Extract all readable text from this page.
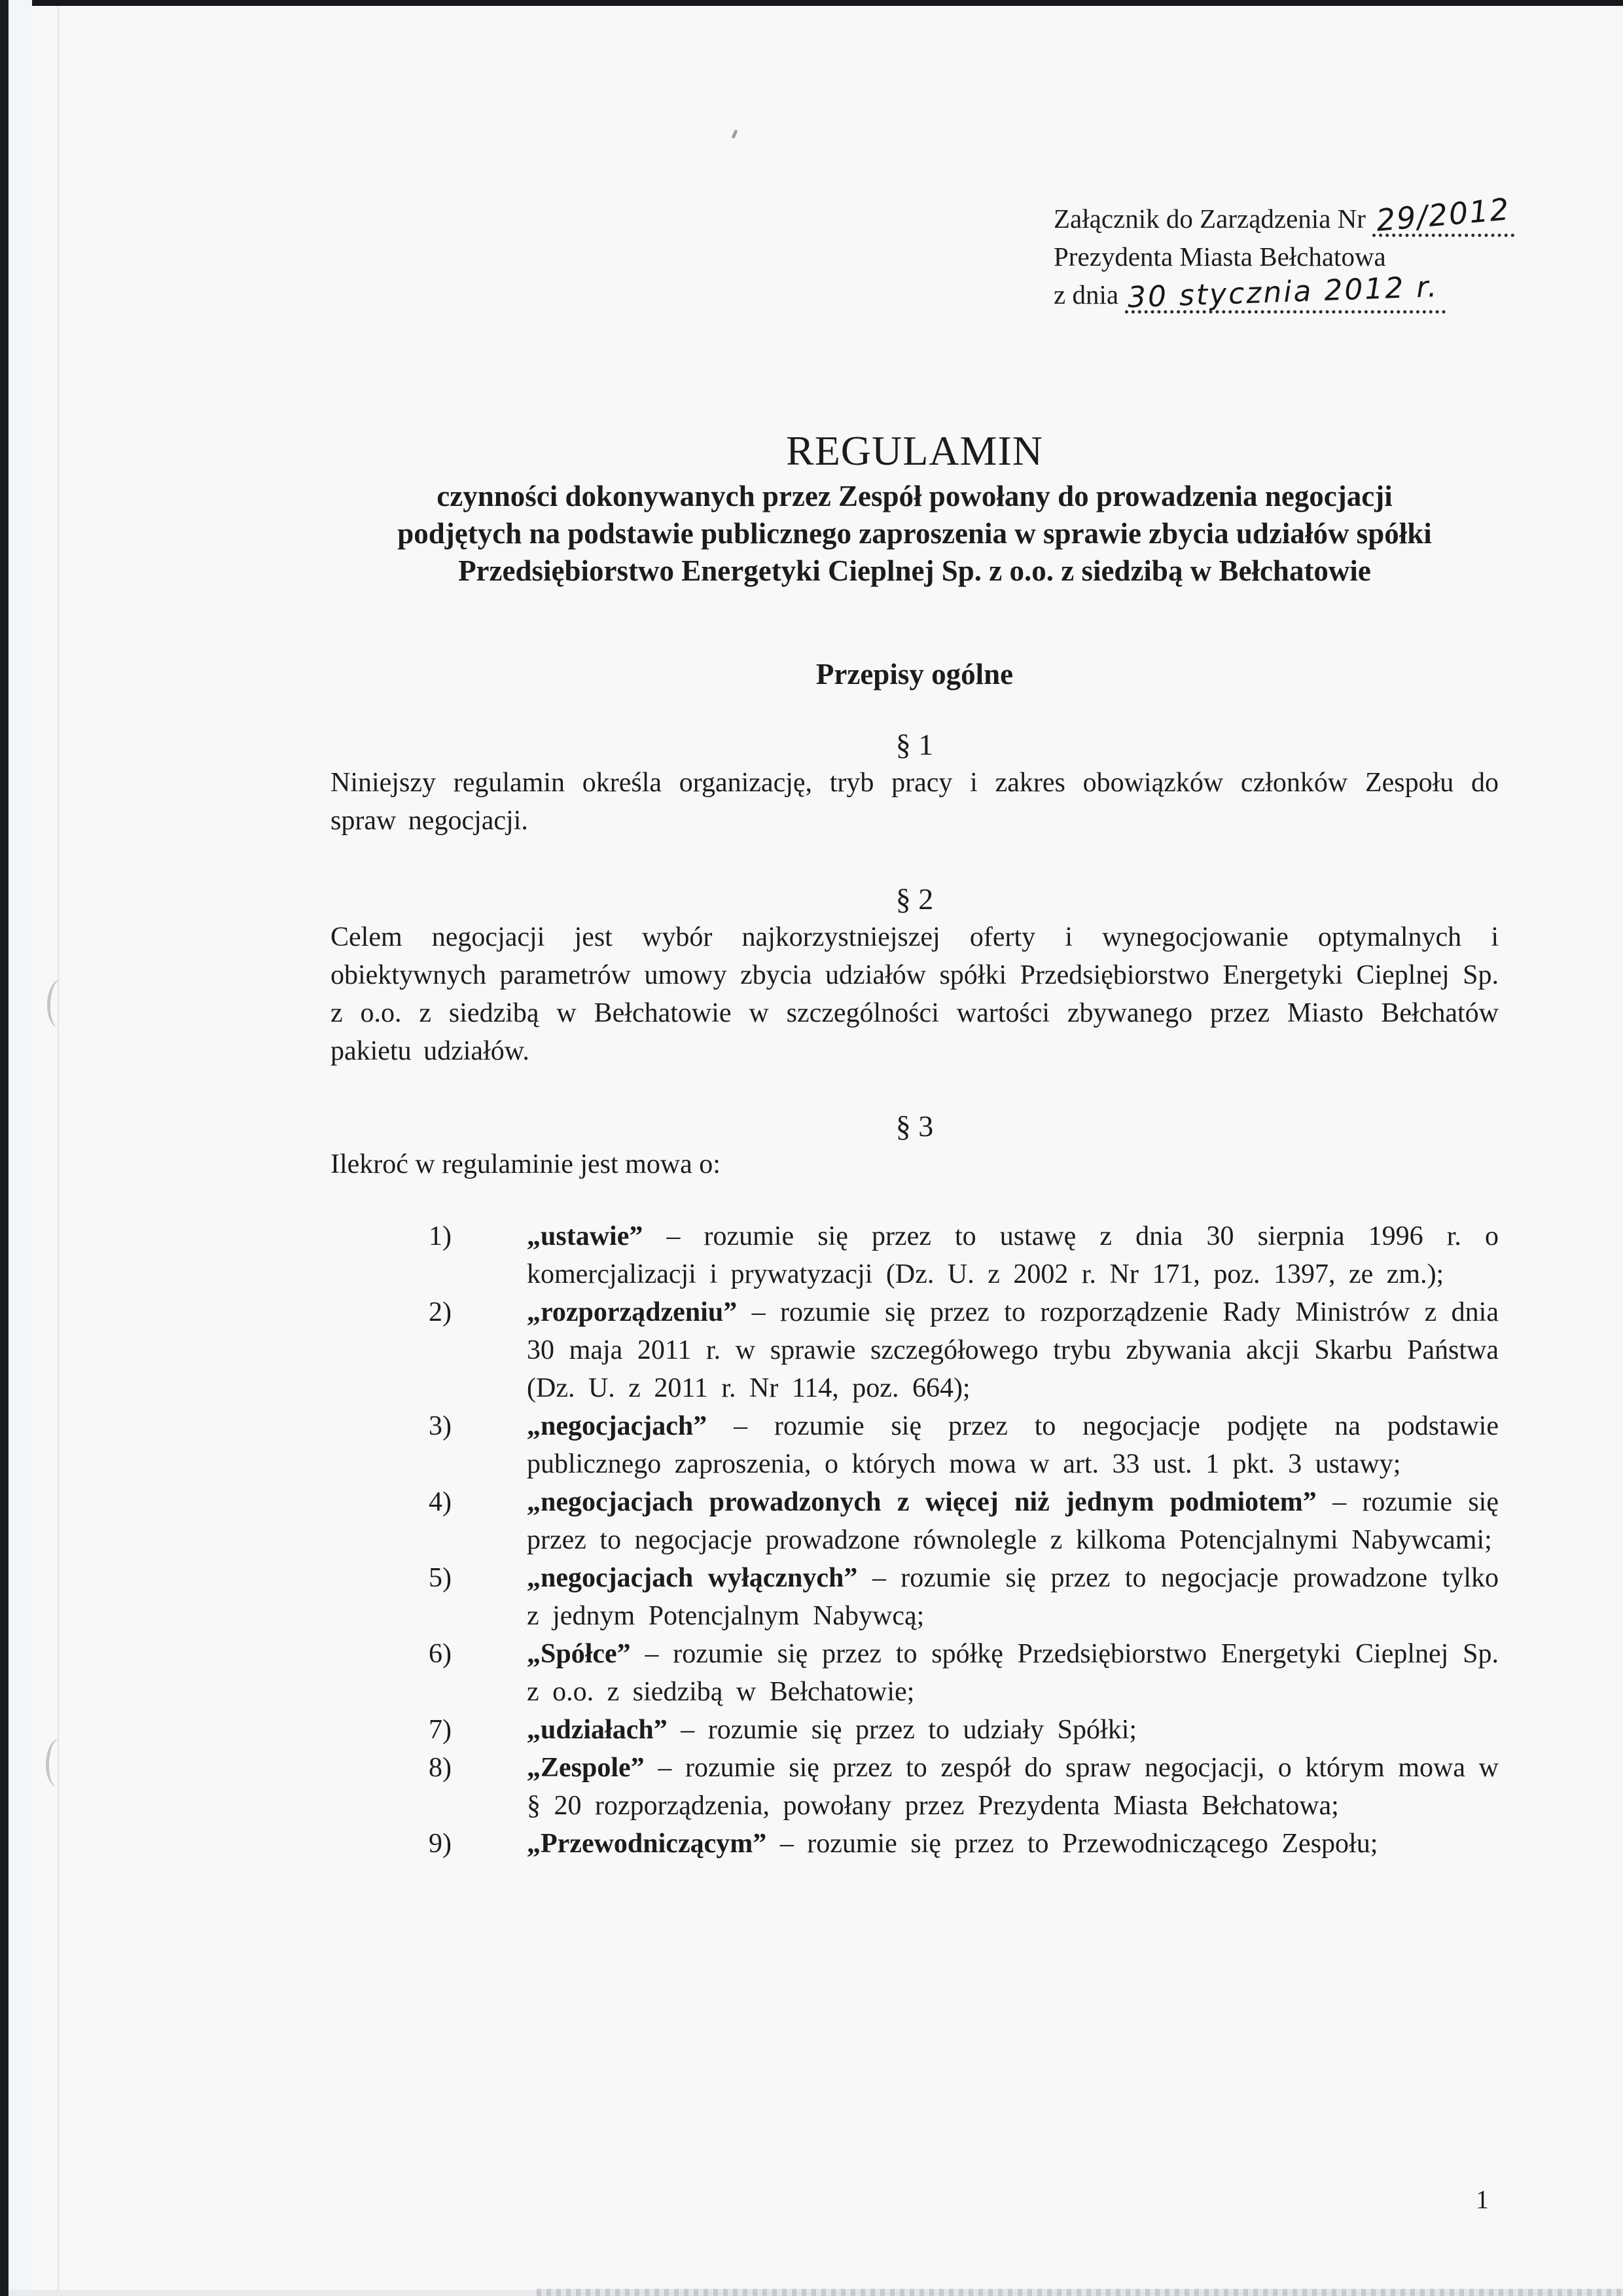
Załącznik do Zarządzenia Nr 29/2012
Prezydenta Miasta Bełchatowa
z dnia 30 stycznia 2012 r.
REGULAMIN
czynności dokonywanych przez Zespół powołany do prowadzenia negocjacji
podjętych na podstawie publicznego zaproszenia w sprawie zbycia udziałów spółki
Przedsiębiorstwo Energetyki Cieplnej Sp. z o.o. z siedzibą w Bełchatowie
Przepisy ogólne
§ 1

Niniejszy regulamin określa organizację, tryb pracy i zakres obowiązków członków Zespołu do spraw negocjacji.

§ 2

Celem negocjacji jest wybór najkorzystniejszej oferty i wynegocjowanie optymalnych i obiektywnych parametrów umowy zbycia udziałów spółki Przedsiębiorstwo Energetyki Cieplnej Sp. z o.o. z siedzibą w Bełchatowie w szczególności wartości zbywanego przez Miasto Bełchatów pakietu udziałów.

§ 3

Ilekroć w regulaminie jest mowa o:

1)	„ustawie” – rozumie się przez to ustawę z dnia 30 sierpnia 1996 r. o komercjalizacji i prywatyzacji (Dz. U. z 2002 r. Nr 171, poz. 1397, ze zm.);
2)	„rozporządzeniu” – rozumie się przez to rozporządzenie Rady Ministrów z dnia 30 maja 2011 r. w sprawie szczegółowego trybu zbywania akcji Skarbu Państwa (Dz. U. z 2011 r. Nr 114, poz. 664);
3)	„negocjacjach” – rozumie się przez to negocjacje podjęte na podstawie publicznego zaproszenia, o których mowa w art. 33 ust. 1 pkt. 3 ustawy;
4)	„negocjacjach prowadzonych z więcej niż jednym podmiotem” – rozumie się przez to negocjacje prowadzone równolegle z kilkoma Potencjalnymi Nabywcami;
5)	„negocjacjach wyłącznych” – rozumie się przez to negocjacje prowadzone tylko z jednym Potencjalnym Nabywcą;
6)	„Spółce” – rozumie się przez to spółkę Przedsiębiorstwo Energetyki Cieplnej Sp. z o.o. z siedzibą w Bełchatowie;
7)	„udziałach” – rozumie się przez to udziały Spółki;
8)	„Zespole” – rozumie się przez to zespół do spraw negocjacji, o którym mowa w § 20 rozporządzenia, powołany przez Prezydenta Miasta Bełchatowa;
9)	„Przewodniczącym” – rozumie się przez to Przewodniczącego Zespołu;
1
